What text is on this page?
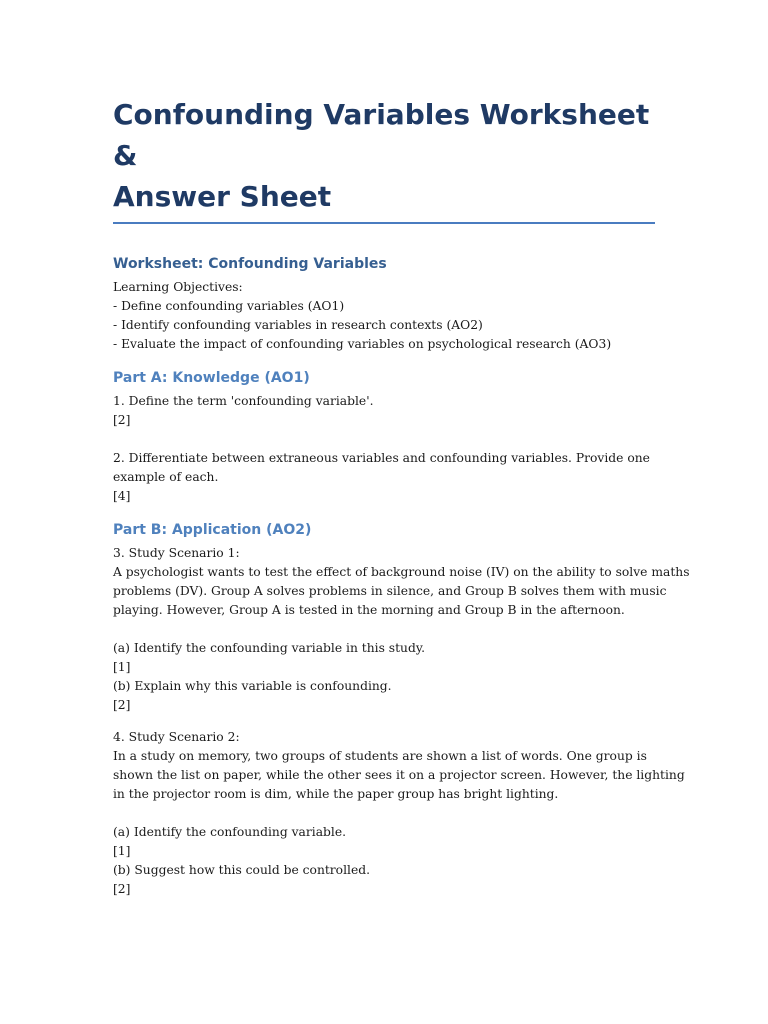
Confounding Variables Worksheet &
Answer Sheet
Worksheet: Confounding Variables

Learning Objectives:

- Define confounding variables (AO1)

- Identify confounding variables in research contexts (AO2)

- Evaluate the impact of confounding variables on psychological research (AO3)

Part A: Knowledge (AO1)

1. Define the term 'confounding variable'.

[2]

2. Differentiate between extraneous variables and confounding variables. Provide one

example of each.

[4]

Part B: Application (AO2)

3. Study Scenario 1:

A psychologist wants to test the effect of background noise (IV) on the ability to solve maths

problems (DV). Group A solves problems in silence, and Group B solves them with music

playing. However, Group A is tested in the morning and Group B in the afternoon.

(a) Identify the confounding variable in this study.

[1]

(b) Explain why this variable is confounding.

[2]

4. Study Scenario 2:

In a study on memory, two groups of students are shown a list of words. One group is

shown the list on paper, while the other sees it on a projector screen. However, the lighting

in the projector room is dim, while the paper group has bright lighting.

(a) Identify the confounding variable.

[1]

(b) Suggest how this could be controlled.

[2]
